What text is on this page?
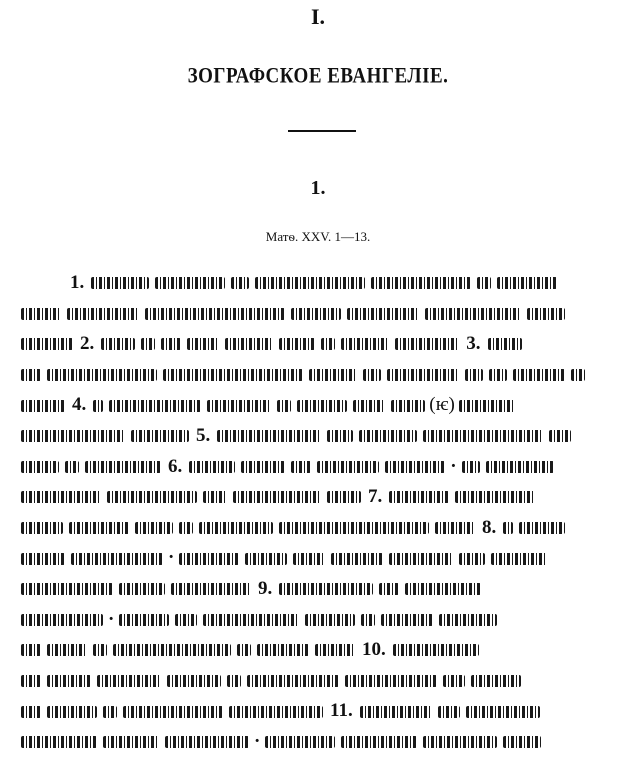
I.
ЗОГРАФСКОЕ ЕВАНГЕЛІЕ.
1.
Матѳ. XXV. 1—13.
1.
2.	3.
4.	(ѥ)
5.
6.	·
7.
8.
·
9.
·
10.
11.
·
